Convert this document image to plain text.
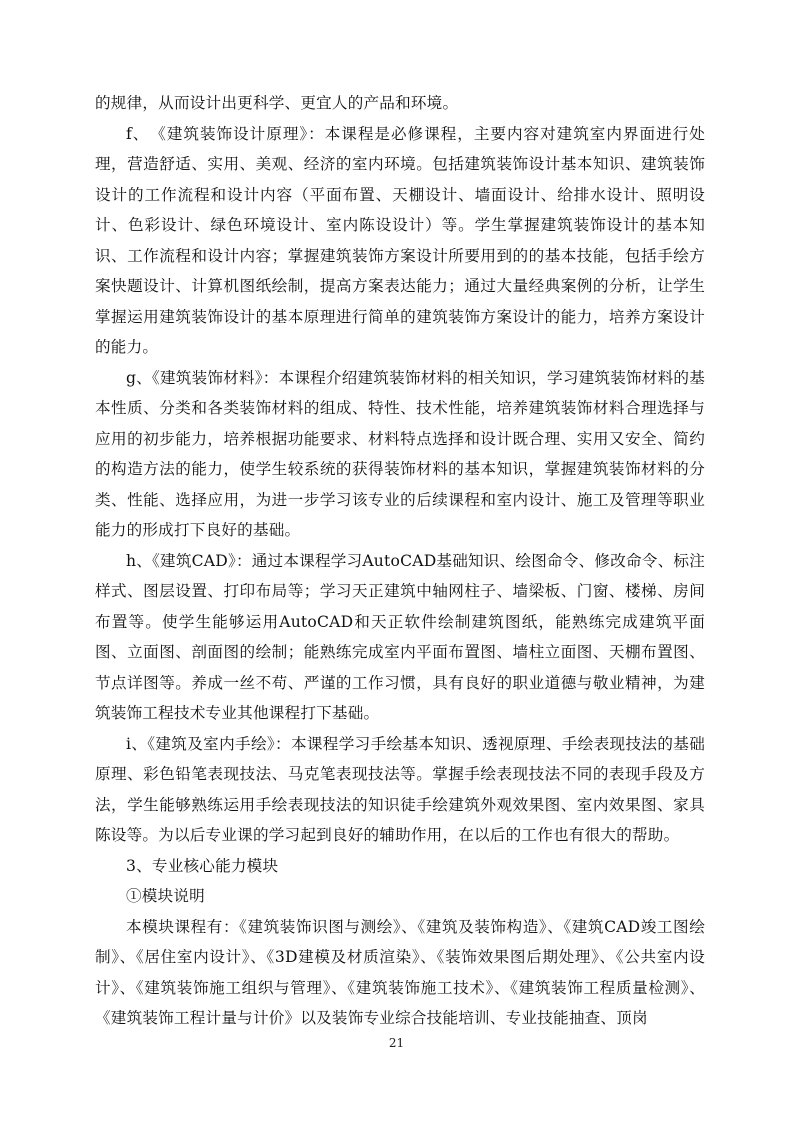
的规律，从而设计出更科学、更宜人的产品和环境。

f、　《建筑装饰设计原理》：本课程是必修课程，主要内容对建筑室内界面进行处理，营造舒适、实用、美观、经济的室内环境。包括建筑装饰设计基本知识、建筑装饰设计的工作流程和设计内容（平面布置、天棚设计、墙面设计、给排水设计、照明设计、色彩设计、绿色环境设计、室内陈设设计）等。学生掌握建筑装饰设计的基本知识、工作流程和设计内容；掌握建筑装饰方案设计所要用到的的基本技能，包括手绘方案快题设计、计算机图纸绘制，提高方案表达能力；通过大量经典案例的分析，让学生掌握运用建筑装饰设计的基本原理进行简单的建筑装饰方案设计的能力，培养方案设计的能力。

g、《建筑装饰材料》：本课程介绍建筑装饰材料的相关知识，学习建筑装饰材料的基本性质、分类和各类装饰材料的组成、特性、技术性能，培养建筑装饰材料合理选择与应用的初步能力，培养根据功能要求、材料特点选择和设计既合理、实用又安全、简约的构造方法的能力，使学生较系统的获得装饰材料的基本知识，掌握建筑装饰材料的分类、性能、选择应用，为进一步学习该专业的后续课程和室内设计、施工及管理等职业能力的形成打下良好的基础。

h、《建筑CAD》：通过本课程学习AutoCAD基础知识、绘图命令、修改命令、标注样式、图层设置、打印布局等；学习天正建筑中轴网柱子、墙梁板、门窗、楼梯、房间布置等。使学生能够运用AutoCAD和天正软件绘制建筑图纸，能熟练完成建筑平面图、立面图、剖面图的绘制；能熟练完成室内平面布置图、墙柱立面图、天棚布置图、节点详图等。养成一丝不苟、严谨的工作习惯，具有良好的职业道德与敬业精神，为建筑装饰工程技术专业其他课程打下基础。

i、《建筑及室内手绘》：本课程学习手绘基本知识、透视原理、手绘表现技法的基础原理、彩色铅笔表现技法、马克笔表现技法等。掌握手绘表现技法不同的表现手段及方法，学生能够熟练运用手绘表现技法的知识徒手绘建筑外观效果图、室内效果图、家具陈设等。为以后专业课的学习起到良好的辅助作用，在以后的工作也有很大的帮助。

3、专业核心能力模块

①模块说明

本模块课程有：《建筑装饰识图与测绘》、《建筑及装饰构造》、《建筑CAD竣工图绘制》、《居住室内设计》、《3D建模及材质渲染》、《装饰效果图后期处理》、《公共室内设计》、《建筑装饰施工组织与管理》、《建筑装饰施工技术》、《建筑装饰工程质量检测》、《建筑装饰工程计量与计价》以及装饰专业综合技能培训、专业技能抽查、顶岗

21
